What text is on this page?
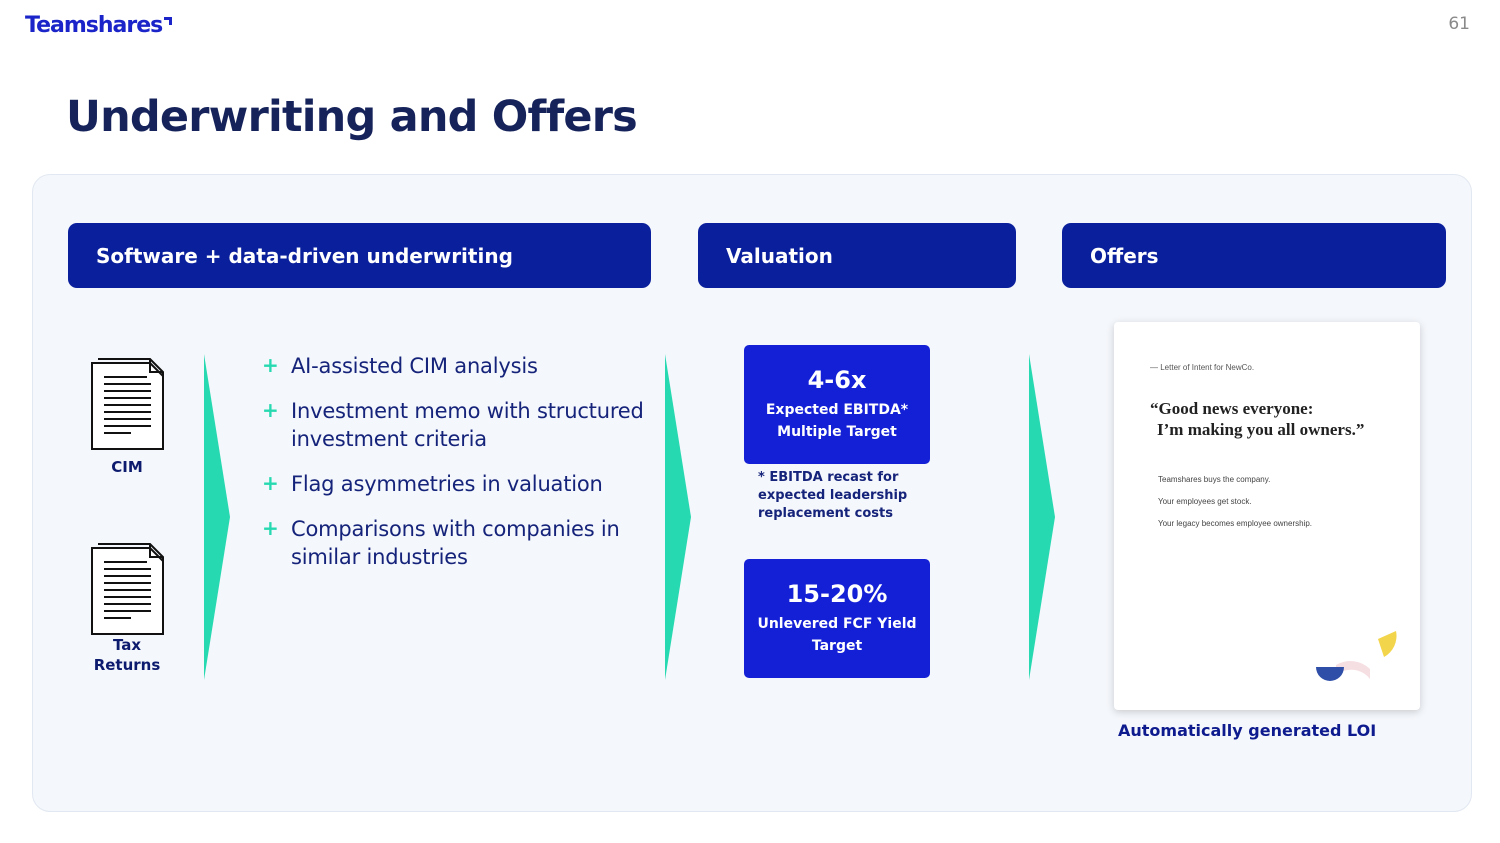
Teamshares	61
Underwriting and Offers
Software + data-driven underwriting	Valuation	Offers
CIM
Tax
Returns
+ AI-assisted CIM analysis
+ Investment memo with structured investment criteria
+ Flag asymmetries in valuation
+ Comparisons with companies in similar industries
4-6x
Expected EBITDA* Multiple Target
* EBITDA recast for expected leadership replacement costs
15-20%
Unlevered FCF Yield Target
— Letter of Intent for NewCo.
“Good news everyone:
I’m making you all owners.”
Teamshares buys the company.
Your employees get stock.
Your legacy becomes employee ownership.
Automatically generated LOI
